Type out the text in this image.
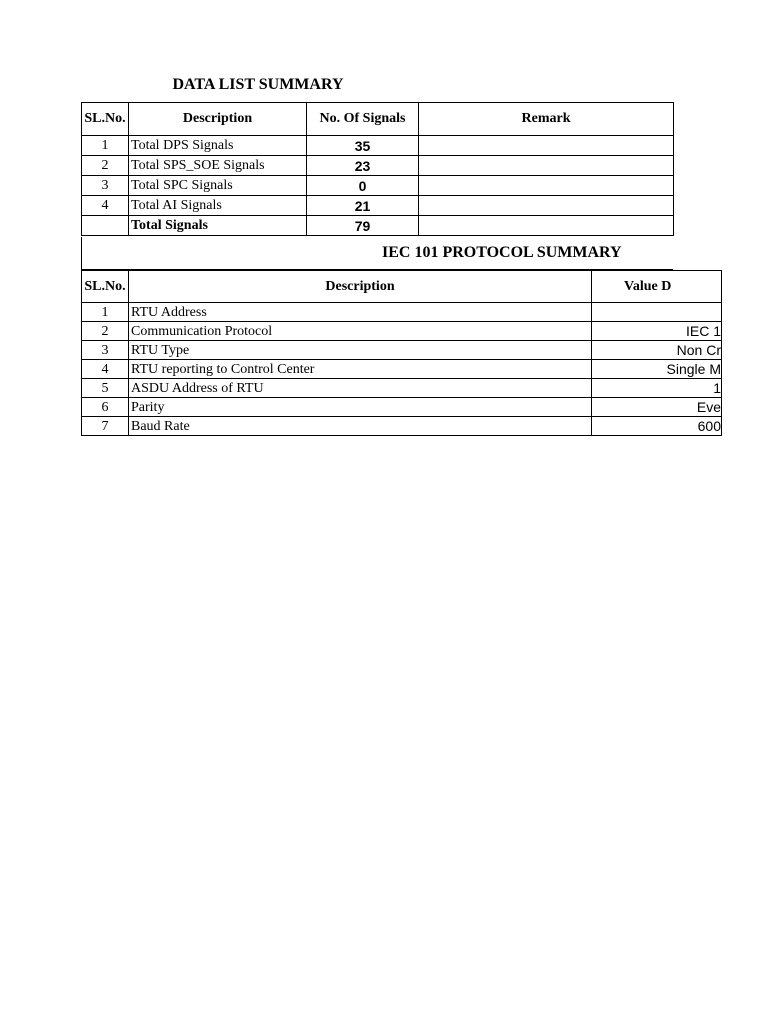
DATA LIST SUMMARY
SL.No.	Description	No. Of Signals	Remark
1	Total DPS Signals	35	
2	Total SPS_SOE Signals	23	
3	Total SPC Signals	0	
4	Total AI Signals	21	
	Total Signals	79	
IEC 101 PROTOCOL SUMMARY
SL.No.	Description	Value D
1	RTU Address	
2	Communication Protocol	IEC 1
3	RTU Type	Non Cr
4	RTU reporting to Control Center	Single M
5	ASDU Address of RTU	1
6	Parity	Eve
7	Baud Rate	600
